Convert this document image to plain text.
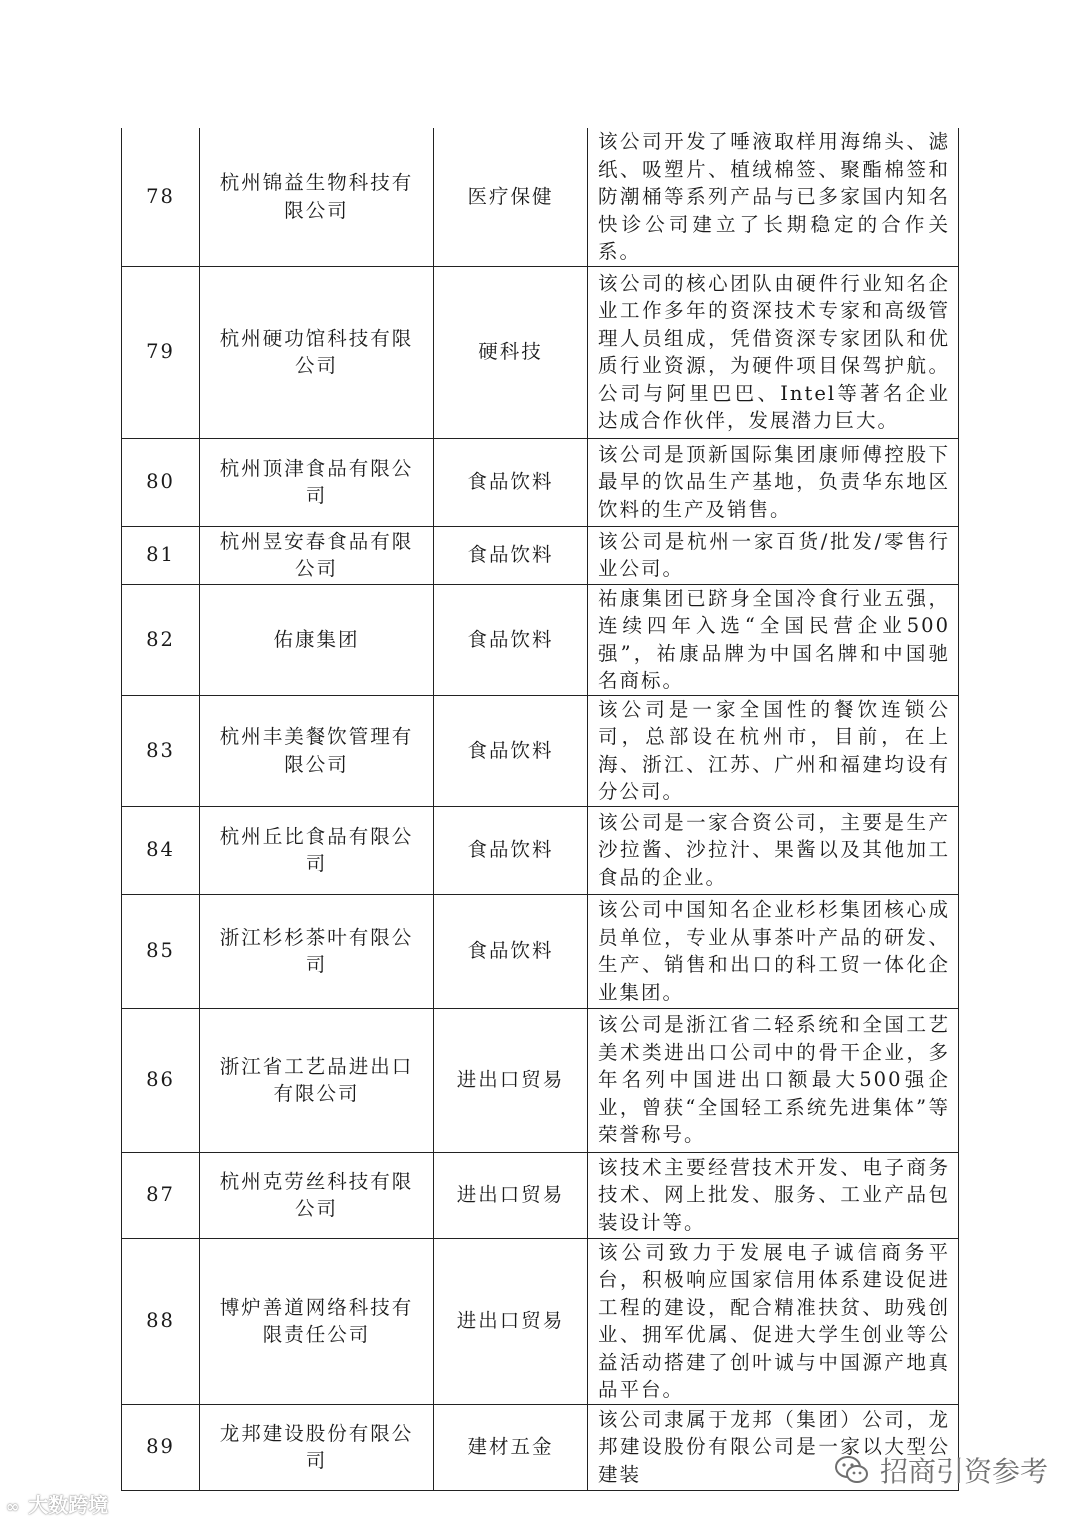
78	杭州锦益生物科技有限公司	医疗保健	该公司开发了唾液取样用海绵头、滤纸、吸塑片、植绒棉签、聚酯棉签和防潮桶等系列产品与已多家国内知名快诊公司建立了长期稳定的合作关系。
79	杭州硬功馆科技有限公司	硬科技	该公司的核心团队由硬件行业知名企业工作多年的资深技术专家和高级管理人员组成，凭借资深专家团队和优质行业资源，为硬件项目保驾护航。公司与阿里巴巴、Intel等著名企业达成合作伙伴，发展潜力巨大。
80	杭州顶津食品有限公司	食品饮料	该公司是顶新国际集团康师傅控股下最早的饮品生产基地，负责华东地区饮料的生产及销售。
81	杭州昱安春食品有限公司	食品饮料	该公司是杭州一家百货/批发/零售行业公司。
82	佑康集团	食品饮料	祐康集团已跻身全国冷食行业五强，连续四年入选“全国民营企业500强”，祐康品牌为中国名牌和中国驰名商标。
83	杭州丰美餐饮管理有限公司	食品饮料	该公司是一家全国性的餐饮连锁公司，总部设在杭州市，目前，在上海、浙江、江苏、广州和福建均设有分公司。
84	杭州丘比食品有限公司	食品饮料	该公司是一家合资公司，主要是生产沙拉酱、沙拉汁、果酱以及其他加工食品的企业。
85	浙江杉杉茶叶有限公司	食品饮料	该公司中国知名企业杉杉集团核心成员单位，专业从事茶叶产品的研发、生产、销售和出口的科工贸一体化企业集团。
86	浙江省工艺品进出口有限公司	进出口贸易	该公司是浙江省二轻系统和全国工艺美术类进出口公司中的骨干企业，多年名列中国进出口额最大500强企业，曾获“全国轻工系统先进集体”等荣誉称号。
87	杭州克劳丝科技有限公司	进出口贸易	该技术主要经营技术开发、电子商务技术、网上批发、服务、工业产品包装设计等。
88	博炉善道网络科技有限责任公司	进出口贸易	该公司致力于发展电子诚信商务平台，积极响应国家信用体系建设促进工程的建设，配合精准扶贫、助残创业、拥军优属、促进大学生创业等公益活动搭建了创叶诚与中国源产地真品平台。
89	龙邦建设股份有限公司	建材五金	该公司隶属于龙邦（集团）公司，龙邦建设股份有限公司是一家以大型公建装
∞ 大数跨境
招商引资参考
